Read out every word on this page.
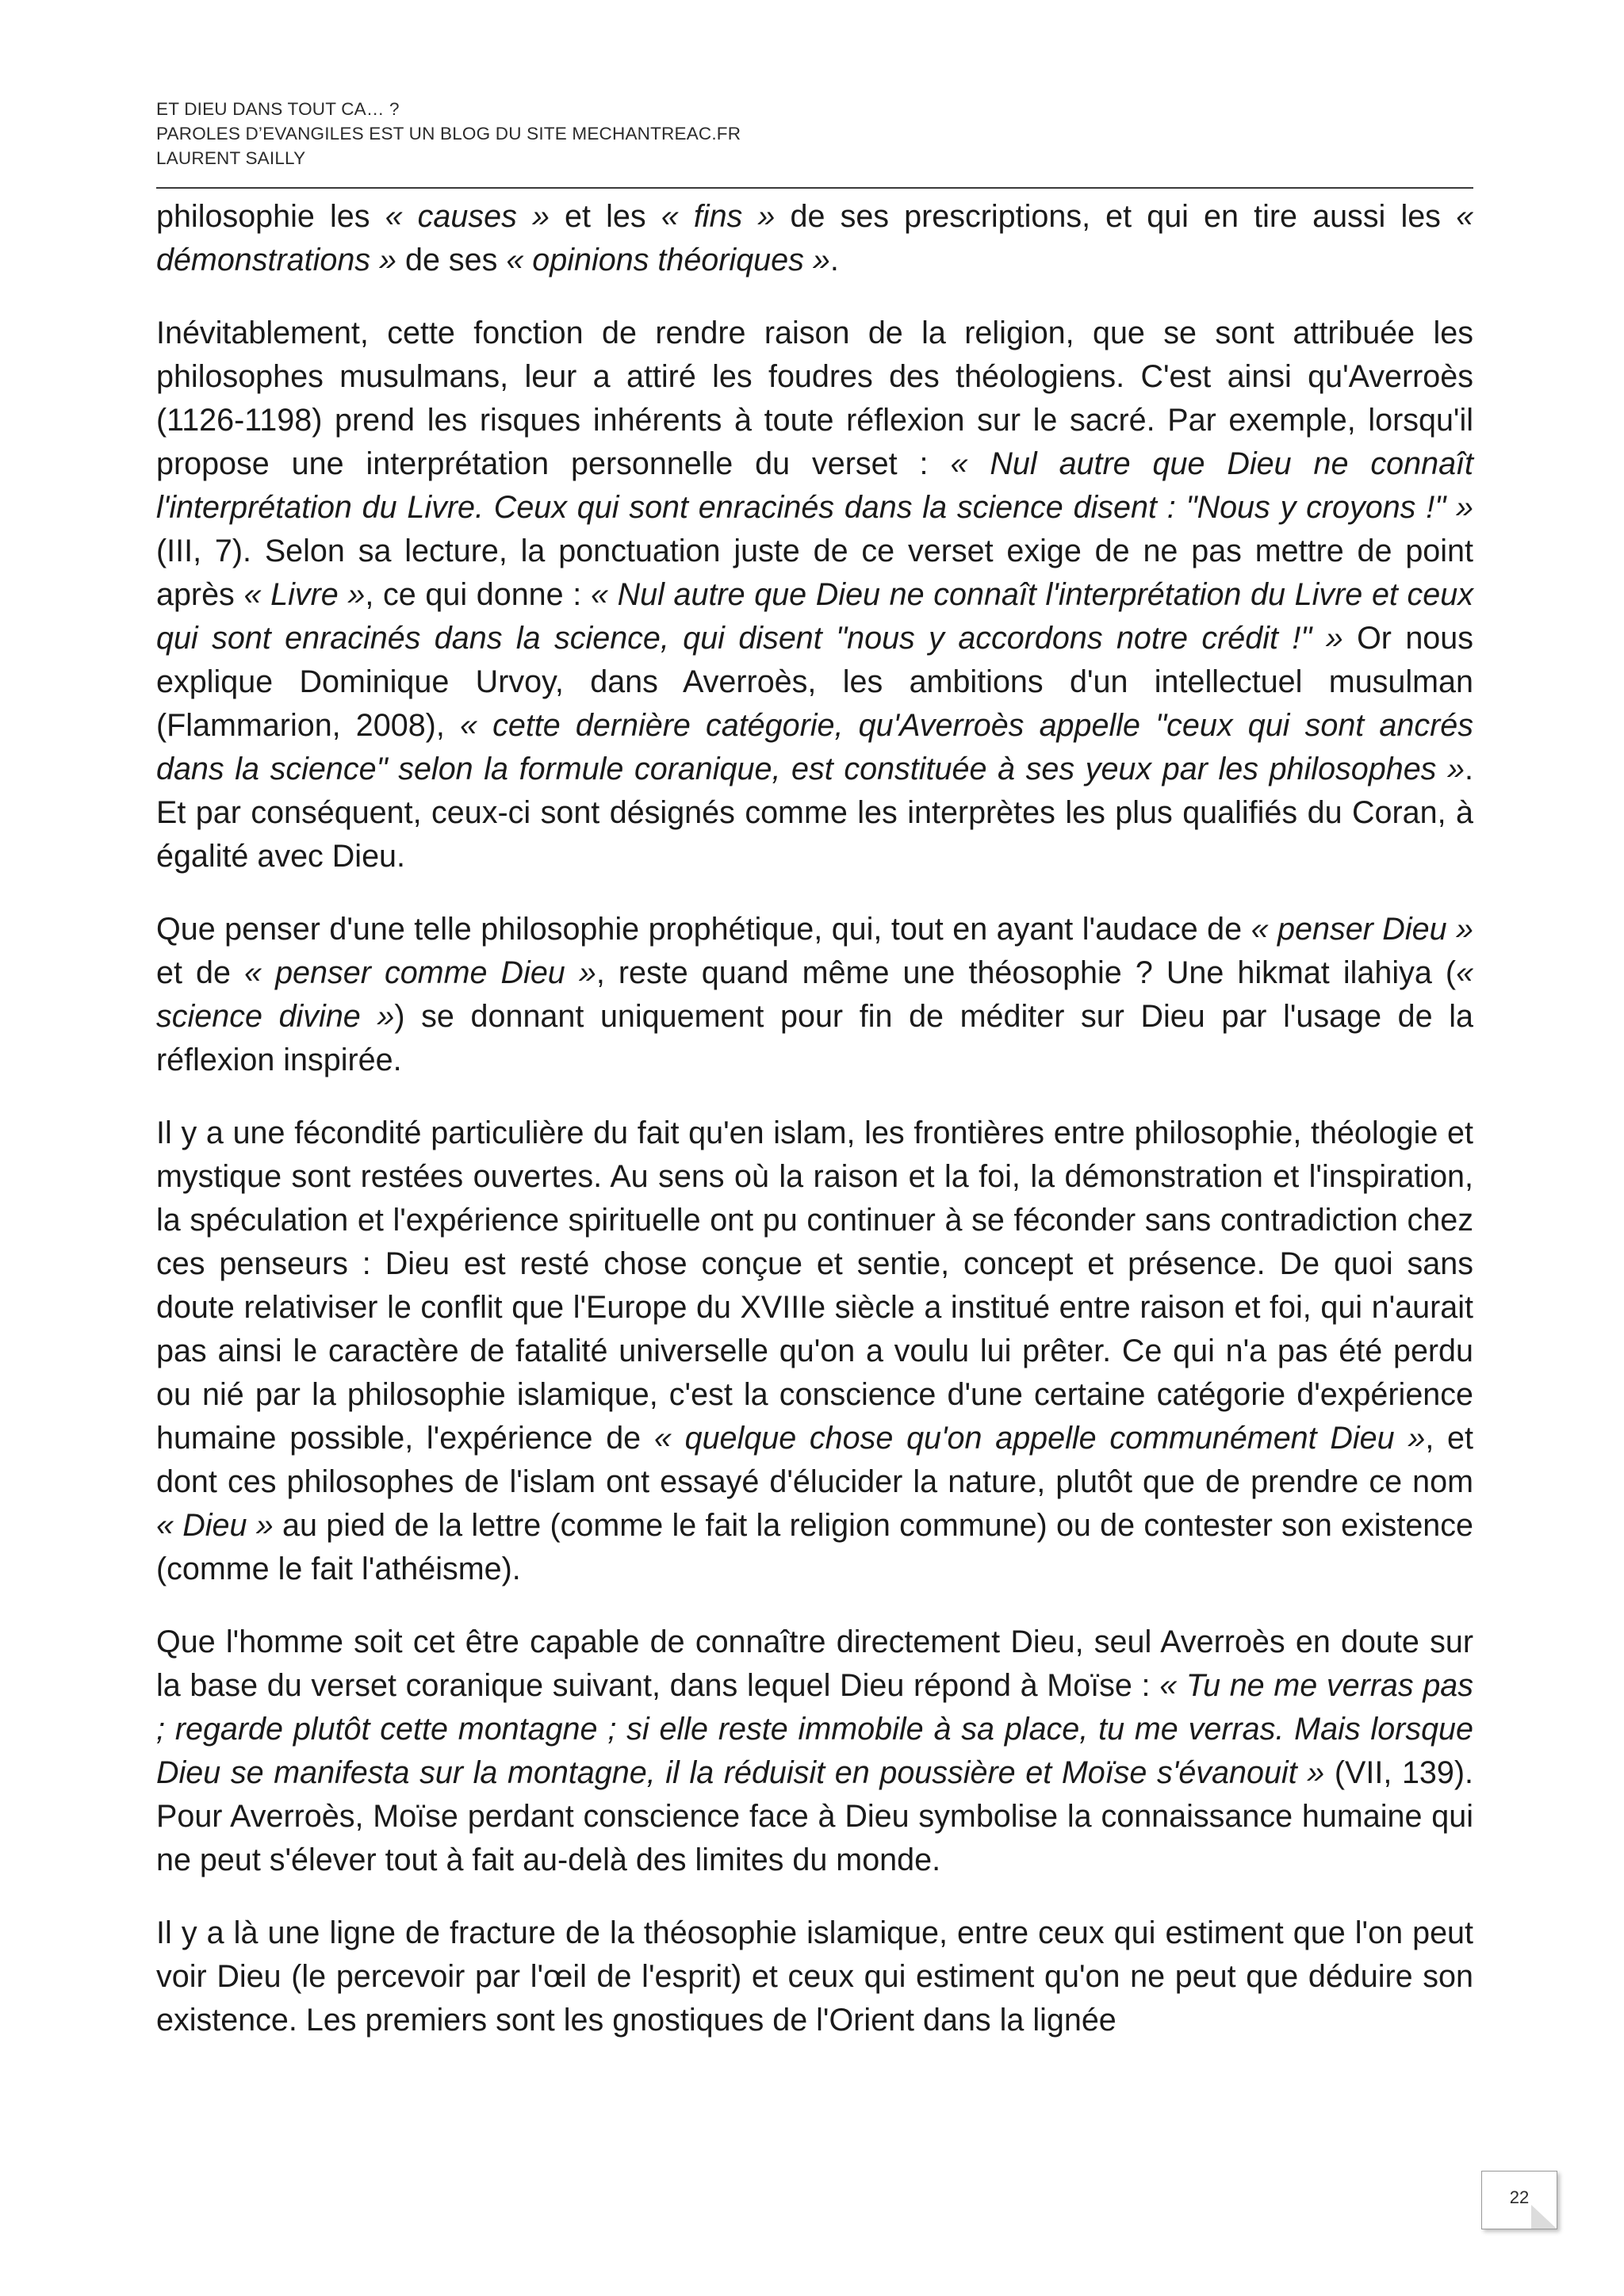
ET DIEU DANS TOUT CA… ?
PAROLES D’EVANGILES EST UN BLOG DU SITE MECHANTREAC.FR
LAURENT SAILLY

philosophie les « causes » et les « fins » de ses prescriptions, et qui en tire aussi les « démonstrations » de ses « opinions théoriques ».

Inévitablement, cette fonction de rendre raison de la religion, que se sont attribuée les philosophes musulmans, leur a attiré les foudres des théologiens. C'est ainsi qu'Averroès (1126-1198) prend les risques inhérents à toute réflexion sur le sacré. Par exemple, lorsqu'il propose une interprétation personnelle du verset : « Nul autre que Dieu ne connaît l'interprétation du Livre. Ceux qui sont enracinés dans la science disent : "Nous y croyons !" » (III, 7). Selon sa lecture, la ponctuation juste de ce verset exige de ne pas mettre de point après « Livre », ce qui donne : « Nul autre que Dieu ne connaît l'interprétation du Livre et ceux qui sont enracinés dans la science, qui disent "nous y accordons notre crédit !" » Or nous explique Dominique Urvoy, dans Averroès, les ambitions d'un intellectuel musulman (Flammarion, 2008), « cette dernière catégorie, qu'Averroès appelle "ceux qui sont ancrés dans la science" selon la formule coranique, est constituée à ses yeux par les philosophes ». Et par conséquent, ceux-ci sont désignés comme les interprètes les plus qualifiés du Coran, à égalité avec Dieu.

Que penser d'une telle philosophie prophétique, qui, tout en ayant l'audace de « penser Dieu » et de « penser comme Dieu », reste quand même une théosophie ? Une hikmat ilahiya (« science divine ») se donnant uniquement pour fin de méditer sur Dieu par l'usage de la réflexion inspirée.

Il y a une fécondité particulière du fait qu'en islam, les frontières entre philosophie, théologie et mystique sont restées ouvertes. Au sens où la raison et la foi, la démonstration et l'inspiration, la spéculation et l'expérience spirituelle ont pu continuer à se féconder sans contradiction chez ces penseurs : Dieu est resté chose conçue et sentie, concept et présence. De quoi sans doute relativiser le conflit que l'Europe du XVIIIe siècle a institué entre raison et foi, qui n'aurait pas ainsi le caractère de fatalité universelle qu'on a voulu lui prêter. Ce qui n'a pas été perdu ou nié par la philosophie islamique, c'est la conscience d'une certaine catégorie d'expérience humaine possible, l'expérience de « quelque chose qu'on appelle communément Dieu », et dont ces philosophes de l'islam ont essayé d'élucider la nature, plutôt que de prendre ce nom « Dieu » au pied de la lettre (comme le fait la religion commune) ou de contester son existence (comme le fait l'athéisme).

Que l'homme soit cet être capable de connaître directement Dieu, seul Averroès en doute sur la base du verset coranique suivant, dans lequel Dieu répond à Moïse : « Tu ne me verras pas ; regarde plutôt cette montagne ; si elle reste immobile à sa place, tu me verras. Mais lorsque Dieu se manifesta sur la montagne, il la réduisit en poussière et Moïse s'évanouit » (VII, 139). Pour Averroès, Moïse perdant conscience face à Dieu symbolise la connaissance humaine qui ne peut s'élever tout à fait au-delà des limites du monde.

Il y a là une ligne de fracture de la théosophie islamique, entre ceux qui estiment que l'on peut voir Dieu (le percevoir par l'œil de l'esprit) et ceux qui estiment qu'on ne peut que déduire son existence. Les premiers sont les gnostiques de l'Orient dans la lignée

22
